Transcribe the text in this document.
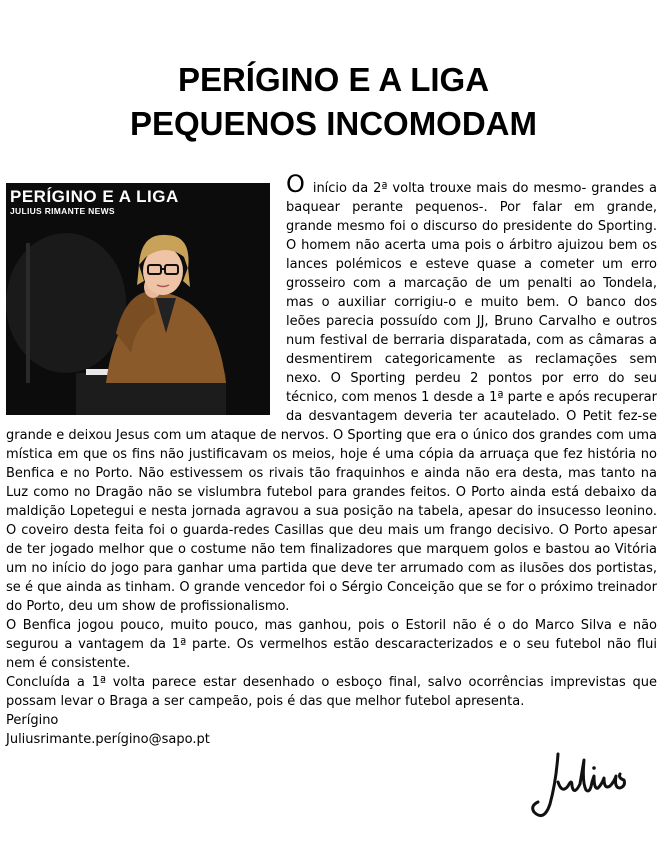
PERÍGINO E A LIGA
PEQUENOS INCOMODAM
PERÍGINO E A LIGA
JULIUS RIMANTE NEWS

O início da 2ª volta trouxe mais do mesmo- grandes a baquear perante pequenos-. Por falar em grande, grande mesmo foi o discurso do presidente do Sporting. O homem não acerta uma pois o árbitro ajuizou bem os lances polémicos e esteve quase a cometer um erro grosseiro com a marcação de um penalti ao Tondela, mas o auxiliar corrigiu-o e muito bem. O banco dos leões parecia possuído com JJ, Bruno Carvalho e outros num festival de berraria disparatada, com as câmaras a desmentirem categoricamente as reclamações sem nexo. O Sporting perdeu 2 pontos por erro do seu técnico, com menos 1 desde a 1ª parte e após recuperar da desvantagem deveria ter acautelado. O Petit fez-se grande e deixou Jesus com um ataque de nervos. O Sporting que era o único dos grandes com uma mística em que os fins não justificavam os meios, hoje é uma cópia da arruaça que fez história no Benfica e no Porto. Não estivessem os rivais tão fraquinhos e ainda não era desta, mas tanto na Luz como no Dragão não se vislumbra futebol para grandes feitos. O Porto ainda está debaixo da maldição Lopetegui e nesta jornada agravou a sua posição na tabela, apesar do insucesso leonino. O coveiro desta feita foi o guarda-redes Casillas que deu mais um frango decisivo. O Porto apesar de ter jogado melhor que o costume não tem finalizadores que marquem golos e bastou ao Vitória um no início do jogo para ganhar uma partida que deve ter arrumado com as ilusões dos portistas, se é que ainda as tinham. O grande vencedor foi o Sérgio Conceição que se for o próximo treinador do Porto, deu um show de profissionalismo.

O Benfica jogou pouco, muito pouco, mas ganhou, pois o Estoril não é o do Marco Silva e não segurou a vantagem da 1ª parte. Os vermelhos estão descaracterizados e o seu futebol não flui nem é consistente.

Concluída a 1ª volta parece estar desenhado o esboço final, salvo ocorrências imprevistas que possam levar o Braga a ser campeão, pois é das que melhor futebol apresenta.

Perígino

Juliusrimante.perígino@sapo.pt
